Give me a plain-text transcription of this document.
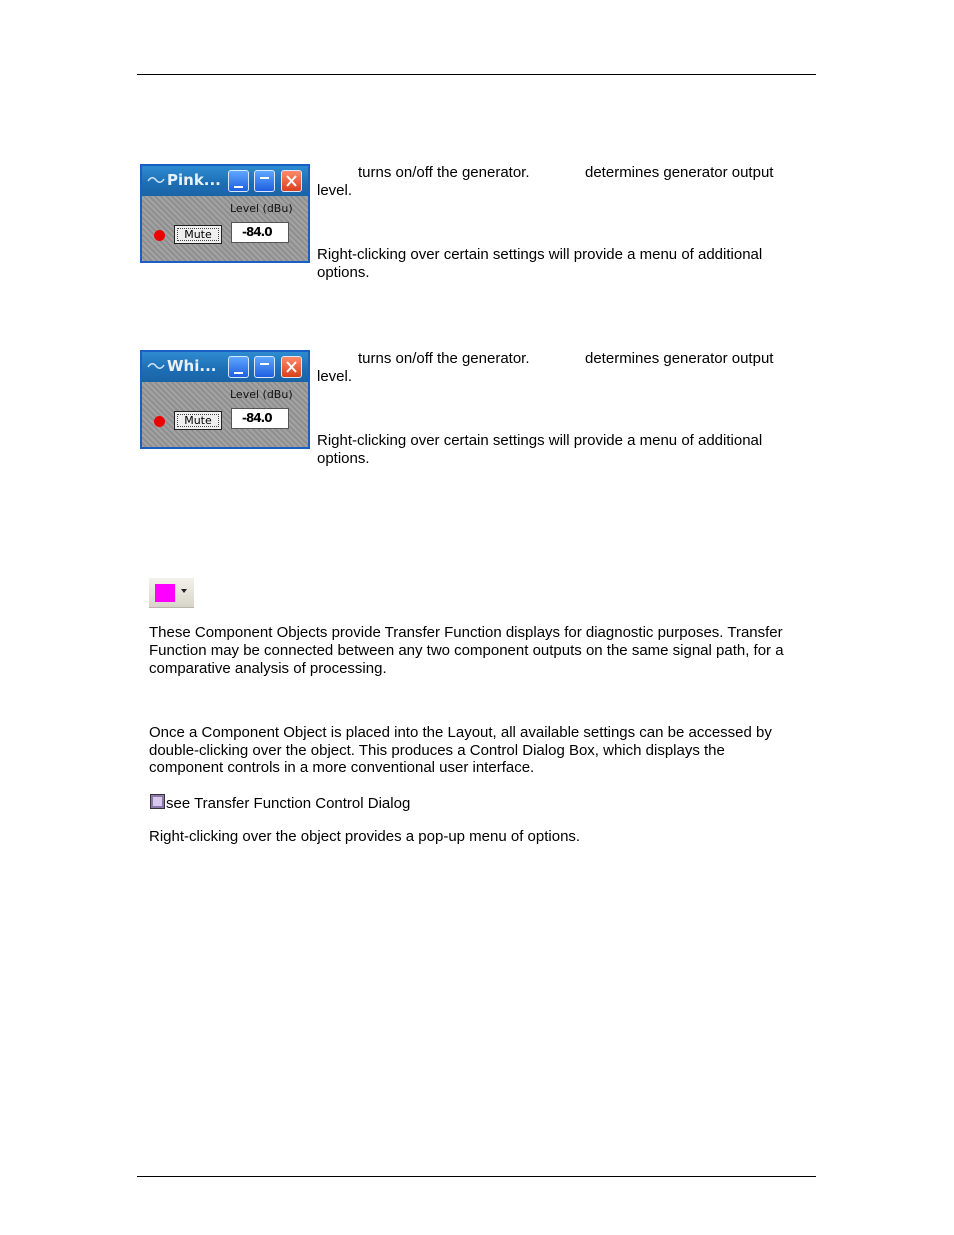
Pink...
Level (dBu)
Mute	-84.0
turns on/off the generator.	determines generator output
level.
Right-clicking over certain settings will provide a menu of additional
options.
Whi...
Level (dBu)
Mute	-84.0
turns on/off the generator.	determines generator output
level.
Right-clicking over certain settings will provide a menu of additional
options.
These Component Objects provide Transfer Function displays for diagnostic purposes. Transfer
Function may be connected between any two component outputs on the same signal path, for a
comparative analysis of processing.
Once a Component Object is placed into the Layout, all available settings can be accessed by
double-clicking over the object. This produces a Control Dialog Box, which displays the
component controls in a more conventional user interface.
see Transfer Function Control Dialog
Right-clicking over the object provides a pop-up menu of options.
